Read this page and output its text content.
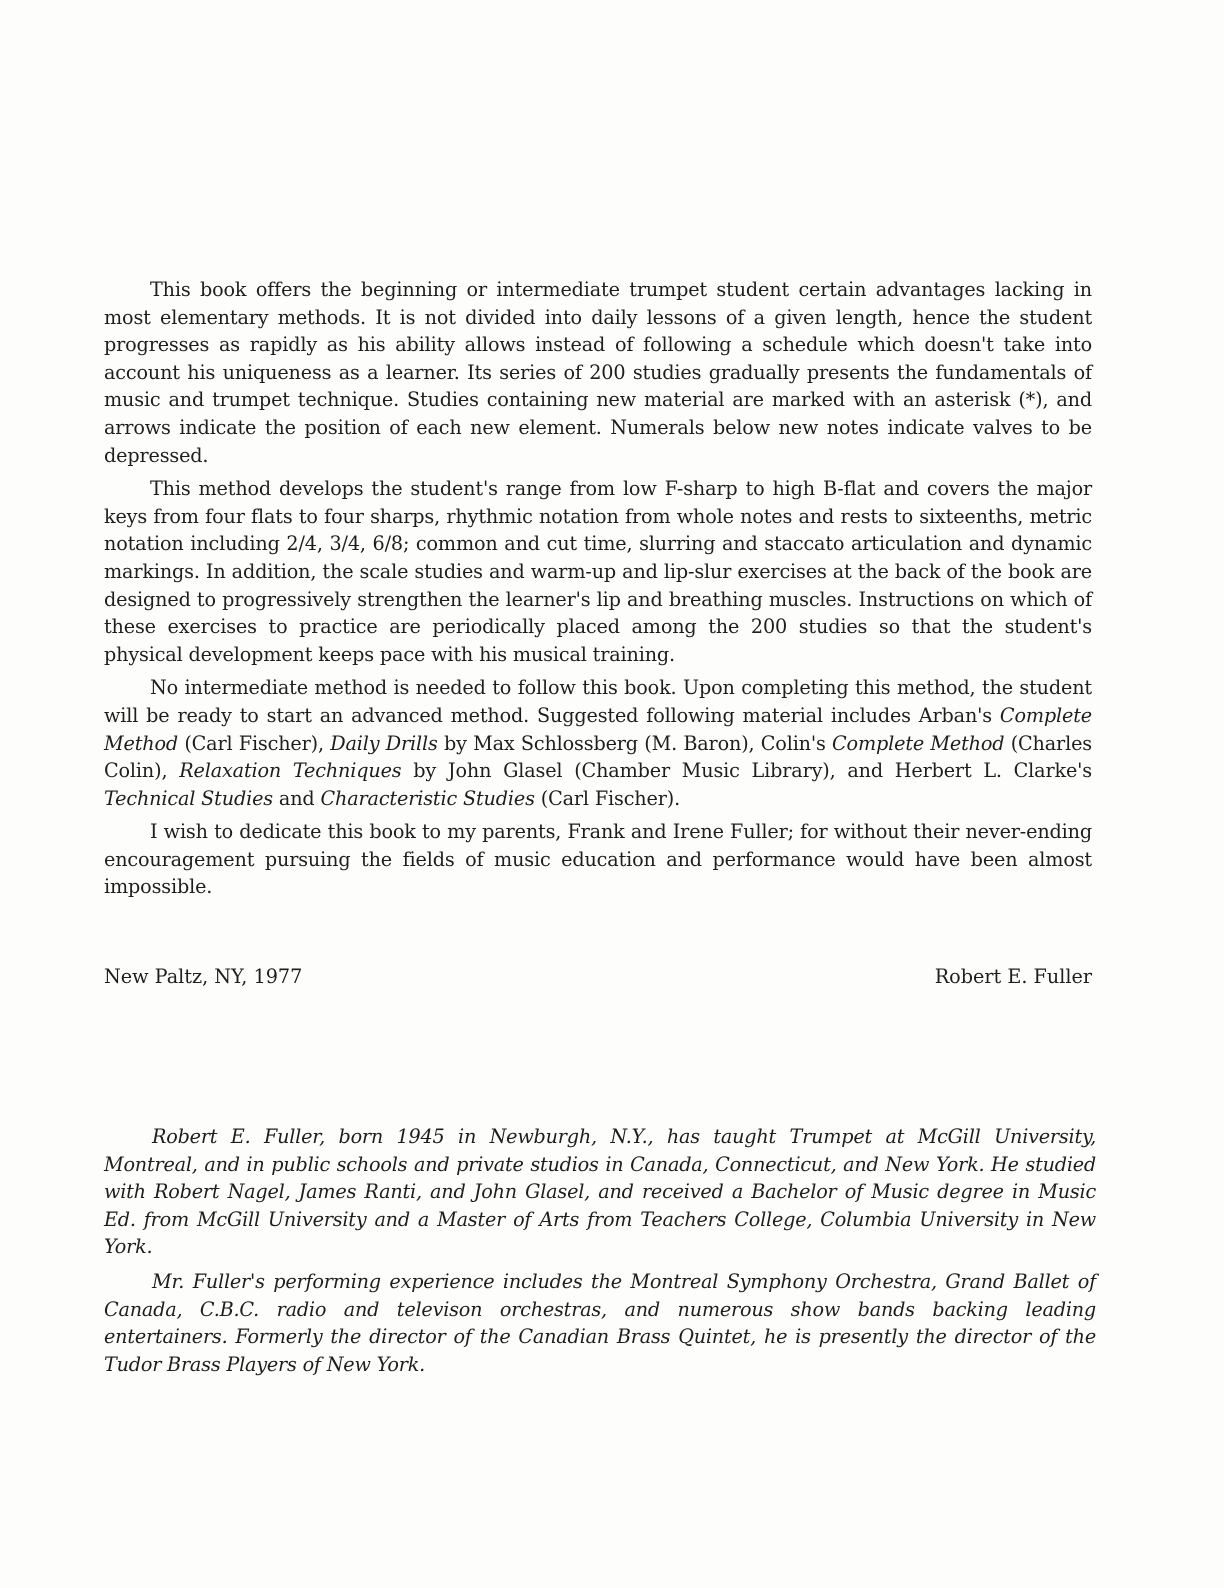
This book offers the beginning or intermediate trumpet student certain advantages lacking in most elementary methods. It is not divided into daily lessons of a given length, hence the student progresses as rapidly as his ability allows instead of following a schedule which doesn't take into account his uniqueness as a learner. Its series of 200 studies gradually presents the fundamentals of music and trumpet technique. Studies containing new material are marked with an asterisk (*), and arrows indicate the position of each new element. Numerals below new notes indicate valves to be depressed.

This method develops the student's range from low F-sharp to high B-flat and covers the major keys from four flats to four sharps, rhythmic notation from whole notes and rests to sixteenths, metric notation including 2/4, 3/4, 6/8; common and cut time, slurring and staccato articulation and dynamic markings. In addition, the scale studies and warm-up and lip-slur exercises at the back of the book are designed to progressively strengthen the learner's lip and breathing muscles. Instructions on which of these exercises to practice are periodically placed among the 200 studies so that the student's physical development keeps pace with his musical training.

No intermediate method is needed to follow this book. Upon completing this method, the student will be ready to start an advanced method. Suggested following material includes Arban's Complete Method (Carl Fischer), Daily Drills by Max Schlossberg (M. Baron), Colin's Complete Method (Charles Colin), Relaxation Techniques by John Glasel (Chamber Music Library), and Herbert L. Clarke's Technical Studies and Characteristic Studies (Carl Fischer).

I wish to dedicate this book to my parents, Frank and Irene Fuller; for without their never-ending encouragement pursuing the fields of music education and performance would have been almost impossible.

New Paltz, NY, 1977	Robert E. Fuller

Robert E. Fuller, born 1945 in Newburgh, N.Y., has taught Trumpet at McGill University, Montreal, and in public schools and private studios in Canada, Connecticut, and New York. He studied with Robert Nagel, James Ranti, and John Glasel, and received a Bachelor of Music degree in Music Ed. from McGill University and a Master of Arts from Teachers College, Columbia University in New York.

Mr. Fuller's performing experience includes the Montreal Symphony Orchestra, Grand Ballet of Canada, C.B.C. radio and televison orchestras, and numerous show bands backing leading entertainers. Formerly the director of the Canadian Brass Quintet, he is presently the director of the Tudor Brass Players of New York.
